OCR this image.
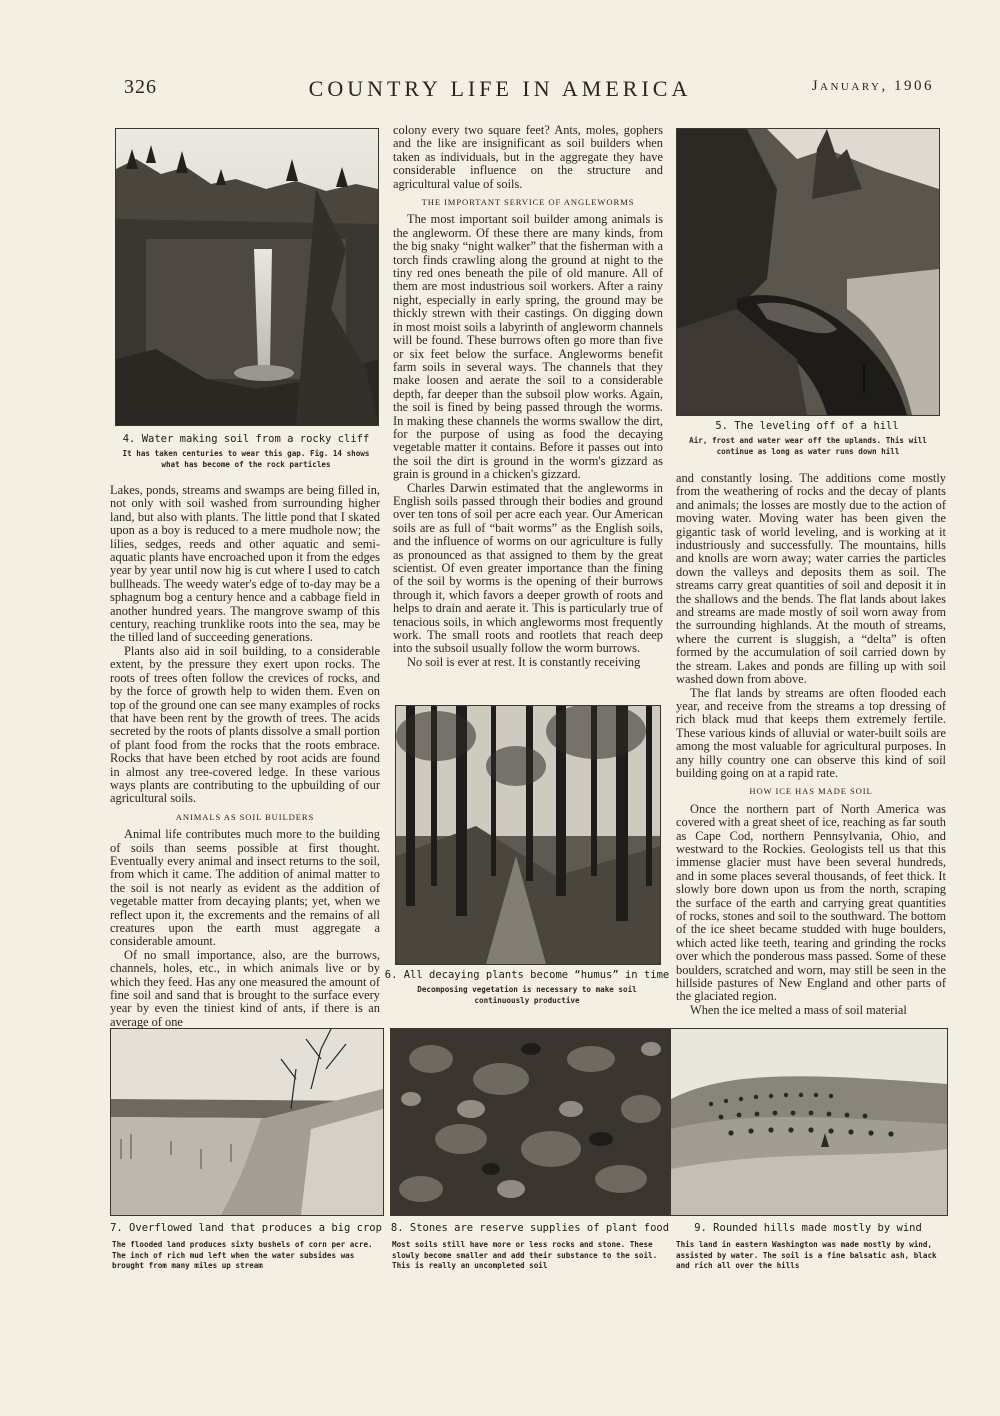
COUNTRY LIFE IN AMERICA
326	January, 1906
4. Water making soil from a rocky cliff
It has taken centuries to wear this gap. Fig. 14 shows what has become of the rock particles
5. The leveling off of a hill
Air, frost and water wear off the uplands. This will continue as long as water runs down hill
6. All decaying plants become “humus” in time
Decomposing vegetation is necessary to make soil continuously productive
7. Overflowed land that produces a big crop
The flooded land produces sixty bushels of corn per acre. The inch of rich mud left when the water subsides was brought from many miles up stream
8. Stones are reserve supplies of plant food
Most soils still have more or less rocks and stone. These slowly become smaller and add their substance to the soil. This is really an uncompleted soil
9. Rounded hills made mostly by wind
This land in eastern Washington was made mostly by wind, assisted by water. The soil is a fine balsatic ash, black and rich all over the hills

Lakes, ponds, streams and swamps are being filled in, not only with soil washed from surrounding higher land, but also with plants. The little pond that I skated upon as a boy is reduced to a mere mudhole now; the lilies, sedges, reeds and other aquatic and semi-aquatic plants have encroached upon it from the edges year by year until now hig is cut where I used to catch bullheads. The weedy water's edge of to-day may be a sphagnum bog a century hence and a cabbage field in another hundred years. The mangrove swamp of this century, reaching trunklike roots into the sea, may be the tilled land of succeeding generations.

Plants also aid in soil building, to a considerable extent, by the pressure they exert upon rocks. The roots of trees often follow the crevices of rocks, and by the force of growth help to widen them. Even on top of the ground one can see many examples of rocks that have been rent by the growth of trees. The acids secreted by the roots of plants dissolve a small portion of plant food from the rocks that the roots embrace. Rocks that have been etched by root acids are found in almost any tree-covered ledge. In these various ways plants are contributing to the upbuilding of our agricultural soils.

ANIMALS AS SOIL BUILDERS

Animal life contributes much more to the building of soils than seems possible at first thought. Eventually every animal and insect returns to the soil, from which it came. The addition of animal matter to the soil is not nearly as evident as the addition of vegetable matter from decaying plants; yet, when we reflect upon it, the excrements and the remains of all creatures upon the earth must aggregate a considerable amount.

Of no small importance, also, are the burrows, channels, holes, etc., in which animals live or by which they feed. Has any one measured the amount of fine soil and sand that is brought to the surface every year by even the tiniest kind of ants, if there is an average of one

colony every two square feet? Ants, moles, gophers and the like are insignificant as soil builders when taken as individuals, but in the aggregate they have considerable influence on the structure and agricultural value of soils.

THE IMPORTANT SERVICE OF ANGLEWORMS

The most important soil builder among animals is the angleworm. Of these there are many kinds, from the big snaky “night walker” that the fisherman with a torch finds crawling along the ground at night to the tiny red ones beneath the pile of old manure. All of them are most industrious soil workers. After a rainy night, especially in early spring, the ground may be thickly strewn with their castings. On digging down in most moist soils a labyrinth of angleworm channels will be found. These burrows often go more than five or six feet below the surface. Angleworms benefit farm soils in several ways. The channels that they make loosen and aerate the soil to a considerable depth, far deeper than the subsoil plow works. Again, the soil is fined by being passed through the worms. In making these channels the worms swallow the dirt, for the purpose of using as food the decaying vegetable matter it contains. Before it passes out into the soil the dirt is ground in the worm's gizzard as grain is ground in a chicken's gizzard.

Charles Darwin estimated that the angleworms in English soils passed through their bodies and ground over ten tons of soil per acre each year. Our American soils are as full of “bait worms” as the English soils, and the influence of worms on our agriculture is fully as pronounced as that assigned to them by the great scientist. Of even greater importance than the fining of the soil by worms is the opening of their burrows through it, which favors a deeper growth of roots and helps to drain and aerate it. This is particularly true of tenacious soils, in which angleworms most frequently work. The small roots and rootlets that reach deep into the subsoil usually follow the worm burrows.

No soil is ever at rest. It is constantly receiving

and constantly losing. The additions come mostly from the weathering of rocks and the decay of plants and animals; the losses are mostly due to the action of moving water. Moving water has been given the gigantic task of world leveling, and is working at it industriously and successfully. The mountains, hills and knolls are worn away; water carries the particles down the valleys and deposits them as soil. The streams carry great quantities of soil and deposit it in the shallows and the bends. The flat lands about lakes and streams are made mostly of soil worn away from the surrounding highlands. At the mouth of streams, where the current is sluggish, a “delta” is often formed by the accumulation of soil carried down by the stream. Lakes and ponds are filling up with soil washed down from above.

The flat lands by streams are often flooded each year, and receive from the streams a top dressing of rich black mud that keeps them extremely fertile. These various kinds of alluvial or water-built soils are among the most valuable for agricultural purposes. In any hilly country one can observe this kind of soil building going on at a rapid rate.

HOW ICE HAS MADE SOIL

Once the northern part of North America was covered with a great sheet of ice, reaching as far south as Cape Cod, northern Pennsylvania, Ohio, and westward to the Rockies. Geologists tell us that this immense glacier must have been several hundreds, and in some places several thousands, of feet thick. It slowly bore down upon us from the north, scraping the surface of the earth and carrying great quantities of rocks, stones and soil to the southward. The bottom of the ice sheet became studded with huge boulders, which acted like teeth, tearing and grinding the rocks over which the ponderous mass passed. Some of these boulders, scratched and worn, may still be seen in the hillside pastures of New England and other parts of the glaciated region.

When the ice melted a mass of soil material
